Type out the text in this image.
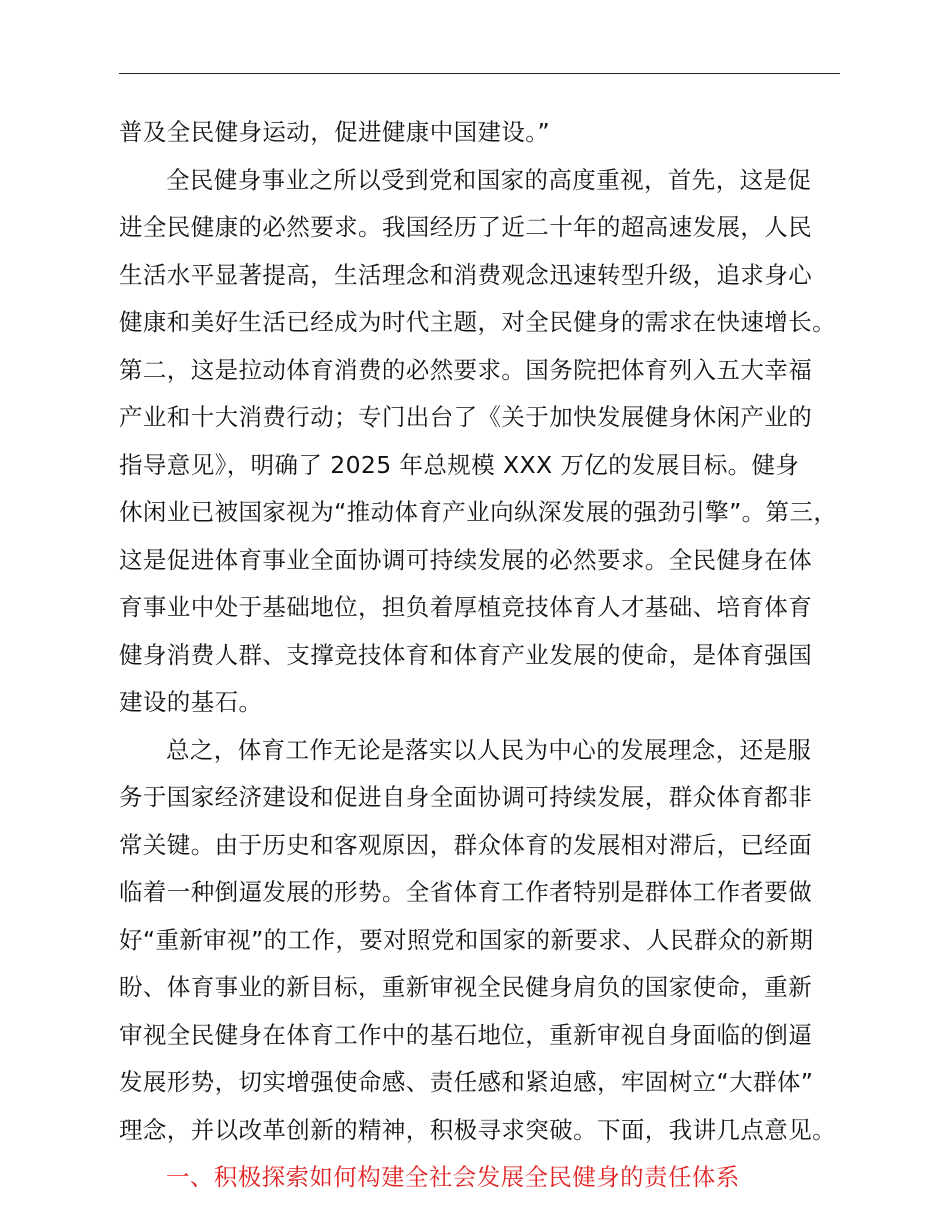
普及全民健身运动，促进健康中国建设。”
全民健身事业之所以受到党和国家的高度重视，首先，这是促
进全民健康的必然要求。我国经历了近二十年的超高速发展，人民
生活水平显著提高，生活理念和消费观念迅速转型升级，追求身心
健康和美好生活已经成为时代主题，对全民健身的需求在快速增长。
第二，这是拉动体育消费的必然要求。国务院把体育列入五大幸福
产业和十大消费行动；专门出台了《关于加快发展健身休闲产业的
指导意见》，明确了 2025 年总规模 XXX 万亿的发展目标。健身
休闲业已被国家视为“推动体育产业向纵深发展的强劲引擎”。第三，
这是促进体育事业全面协调可持续发展的必然要求。全民健身在体
育事业中处于基础地位，担负着厚植竞技体育人才基础、培育体育
健身消费人群、支撑竞技体育和体育产业发展的使命，是体育强国
建设的基石。
总之，体育工作无论是落实以人民为中心的发展理念，还是服
务于国家经济建设和促进自身全面协调可持续发展，群众体育都非
常关键。由于历史和客观原因，群众体育的发展相对滞后，已经面
临着一种倒逼发展的形势。全省体育工作者特别是群体工作者要做
好“重新审视”的工作，要对照党和国家的新要求、人民群众的新期
盼、体育事业的新目标，重新审视全民健身肩负的国家使命，重新
审视全民健身在体育工作中的基石地位，重新审视自身面临的倒逼
发展形势，切实增强使命感、责任感和紧迫感，牢固树立“大群体”
理念，并以改革创新的精神，积极寻求突破。下面，我讲几点意见。
一、积极探索如何构建全社会发展全民健身的责任体系
